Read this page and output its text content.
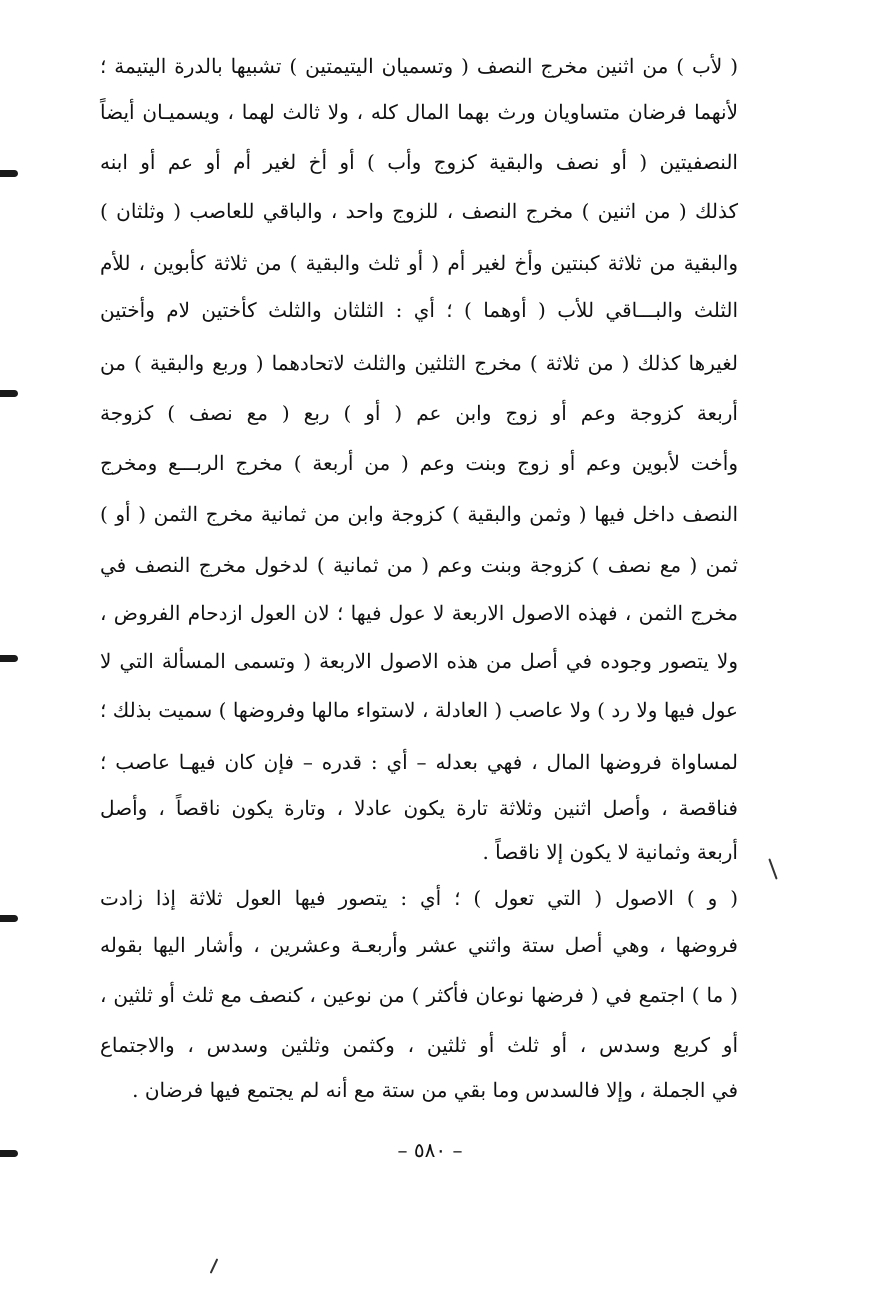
( لأب ) من اثنين مخرج النصف ( وتسميان اليتيمتين ) تشبيها بالدرة اليتيمة ؛
لأنهما فرضان متساويان ورث بهما المال كله ، ولا ثالث لهما ، ويسميـان أيضاً
النصفيتين ( أو نصف والبقية كزوج وأب ) أو أخ لغير أم أو عم أو ابنه
كذلك ( من اثنين ) مخرج النصف ، للزوج واحد ، والباقي للعاصب ( وثلثان )
والبقية من ثلاثة كبنتين وأخ لغير أم ( أو ثلث والبقية ) من ثلاثة كأبوين ، للأم
الثلث والبـــاقي للأب ( أوهما ) ؛ أي : الثلثان والثلث كأختين لام وأختين
لغيرها كذلك ( من ثلاثة ) مخرج الثلثين والثلث لاتحادهما ( وربع والبقية ) من
أربعة كزوجة وعم أو زوج وابن عم ( أو ) ربع ( مع نصف ) كزوجة
وأخت لأبوين وعم أو زوج وبنت وعم ( من أربعة ) مخرج الربـــع ومخرج
النصف داخل فيها ( وثمن والبقية ) كزوجة وابن من ثمانية مخرج الثمن ( أو )
ثمن ( مع نصف ) كزوجة وبنت وعم ( من ثمانية ) لدخول مخرج النصف في
مخرج الثمن ، فهذه الاصول الاربعة لا عول فيها ؛ لان العول ازدحام الفروض ،
ولا يتصور وجوده في أصل من هذه الاصول الاربعة ( وتسمى المسألة التي لا
عول فيها ولا رد ) ولا عاصب ( العادلة ، لاستواء مالها وفروضها ) سميت بذلك ؛
لمساواة فروضها المال ، فهي بعدله – أي : قدره – فإن كان فيهـا عاصب ؛
فناقصة ، وأصل اثنين وثلاثة تارة يكون عادلا ، وتارة يكون ناقصاً ، وأصل
أربعة وثمانية لا يكون إلا ناقصاً .
( و ) الاصول ( التي تعول ) ؛ أي : يتصور فيها العول ثلاثة إذا زادت
فروضها ، وهي أصل ستة واثني عشر وأربعـة وعشرين ، وأشار اليها بقوله
( ما ) اجتمع في ( فرضها نوعان فأكثر ) من نوعين ، كنصف مع ثلث أو ثلثين ،
أو كربع وسدس ، أو ثلث أو ثلثين ، وكثمن وثلثين وسدس ، والاجتماع
في الجملة ، وإلا فالسدس وما بقي من ستة مع أنه لم يجتمع فيها فرضان .
– ٥٨٠ –
